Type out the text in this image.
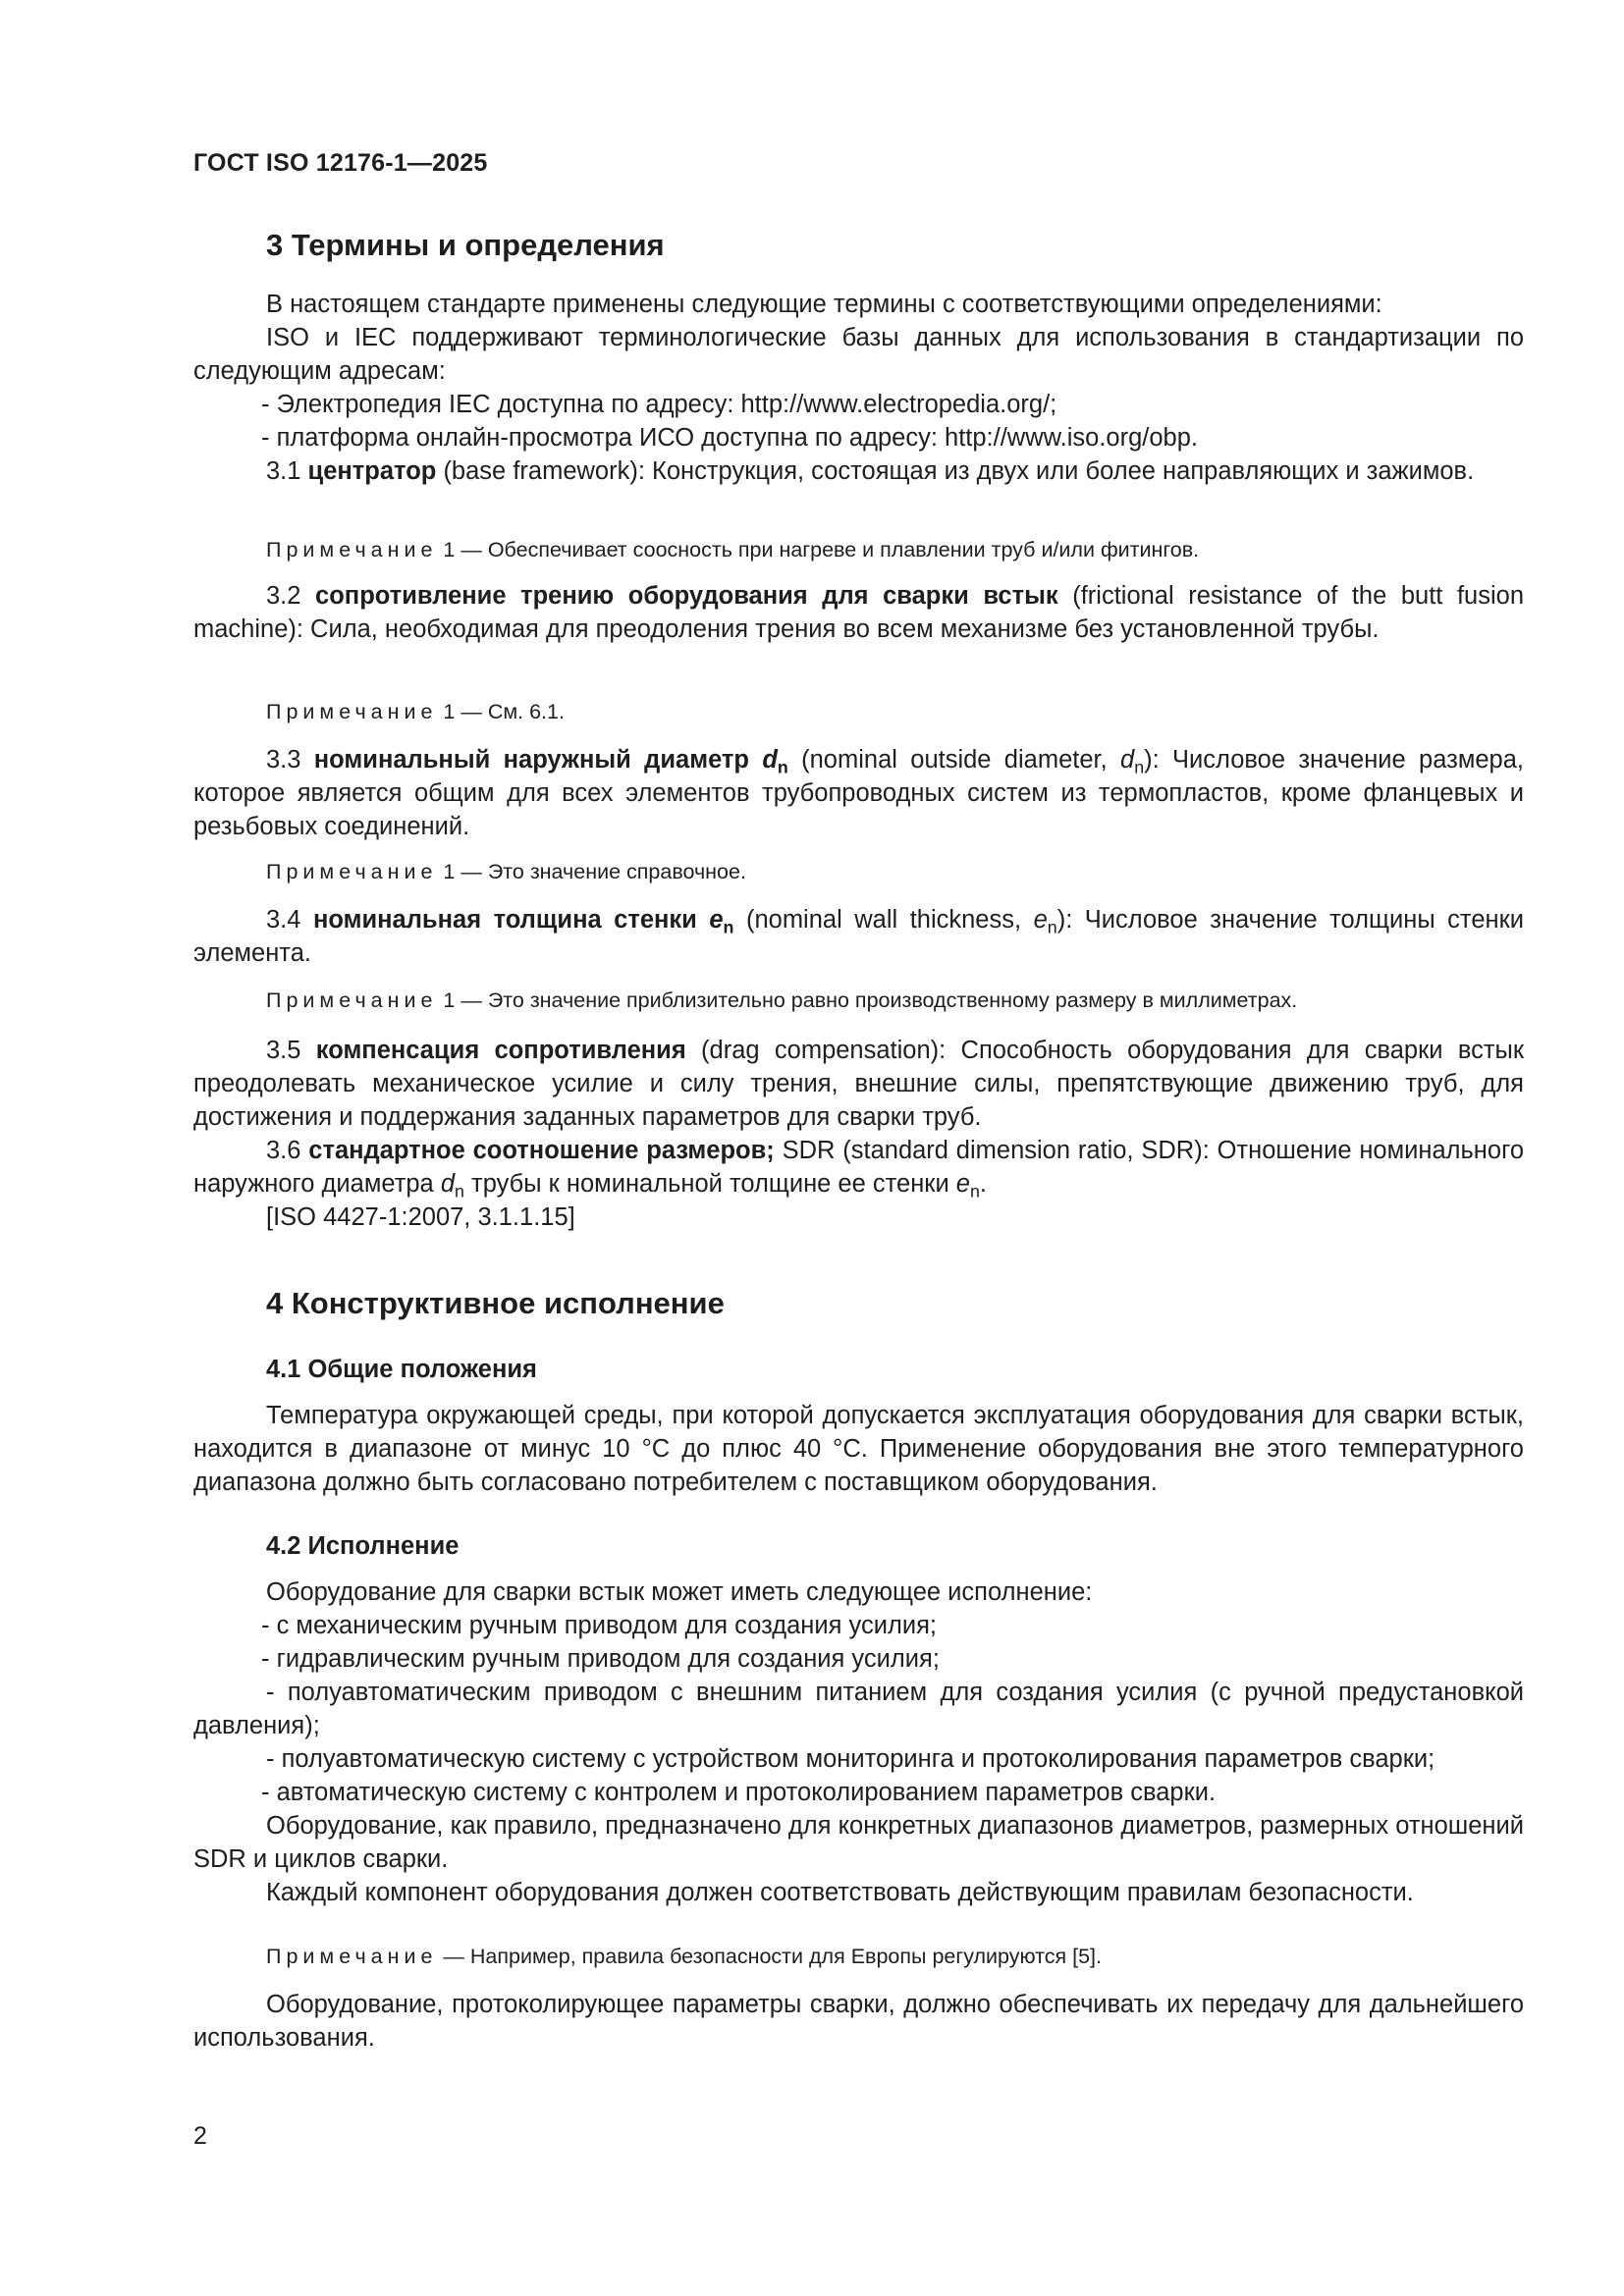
ГОСТ ISO 12176-1—2025
3 Термины и определения
В настоящем стандарте применены следующие термины с соответствующими определениями:
ISO и IEC поддерживают терминологические базы данных для использования в стандартизации по следующим адресам:
- Электропедия IEC доступна по адресу: http://www.electropedia.org/;
- платформа онлайн-просмотра ИСО доступна по адресу: http://www.iso.org/obp.
3.1 центратор (base framework): Конструкция, состоящая из двух или более направляющих и зажимов.
Примечание 1 — Обеспечивает соосность при нагреве и плавлении труб и/или фитингов.
3.2 сопротивление трению оборудования для сварки встык (frictional resistance of the butt fusion machine): Сила, необходимая для преодоления трения во всем механизме без установленной трубы.
Примечание 1 — См. 6.1.
3.3 номинальный наружный диаметр $d_n$ (nominal outside diameter, $d_n$): Числовое значение размера, которое является общим для всех элементов трубопроводных систем из термопластов, кроме фланцевых и резьбовых соединений.
Примечание 1 — Это значение справочное.
3.4 номинальная толщина стенки $e_n$ (nominal wall thickness, $e_n$): Числовое значение толщины стенки элемента.
Примечание 1 — Это значение приблизительно равно производственному размеру в миллиметрах.
3.5 компенсация сопротивления (drag compensation): Способность оборудования для сварки встык преодолевать механическое усилие и силу трения, внешние силы, препятствующие движению труб, для достижения и поддержания заданных параметров для сварки труб.
3.6 стандартное соотношение размеров; SDR (standard dimension ratio, SDR): Отношение номинального наружного диаметра $d_n$ трубы к номинальной толщине ее стенки $e_n$.
[ISO 4427-1:2007, 3.1.1.15]
4 Конструктивное исполнение
4.1 Общие положения
Температура окружающей среды, при которой допускается эксплуатация оборудования для сварки встык, находится в диапазоне от минус 10 °С до плюс 40 °С. Применение оборудования вне этого температурного диапазона должно быть согласовано потребителем с поставщиком оборудования.
4.2 Исполнение
Оборудование для сварки встык может иметь следующее исполнение:
- с механическим ручным приводом для создания усилия;
- гидравлическим ручным приводом для создания усилия;
- полуавтоматическим приводом с внешним питанием для создания усилия (с ручной предустановкой давления);
- полуавтоматическую систему с устройством мониторинга и протоколирования параметров сварки;
- автоматическую систему с контролем и протоколированием параметров сварки.
Оборудование, как правило, предназначено для конкретных диапазонов диаметров, размерных отношений SDR и циклов сварки.
Каждый компонент оборудования должен соответствовать действующим правилам безопасности.
Примечание — Например, правила безопасности для Европы регулируются [5].
Оборудование, протоколирующее параметры сварки, должно обеспечивать их передачу для дальнейшего использования.
2
